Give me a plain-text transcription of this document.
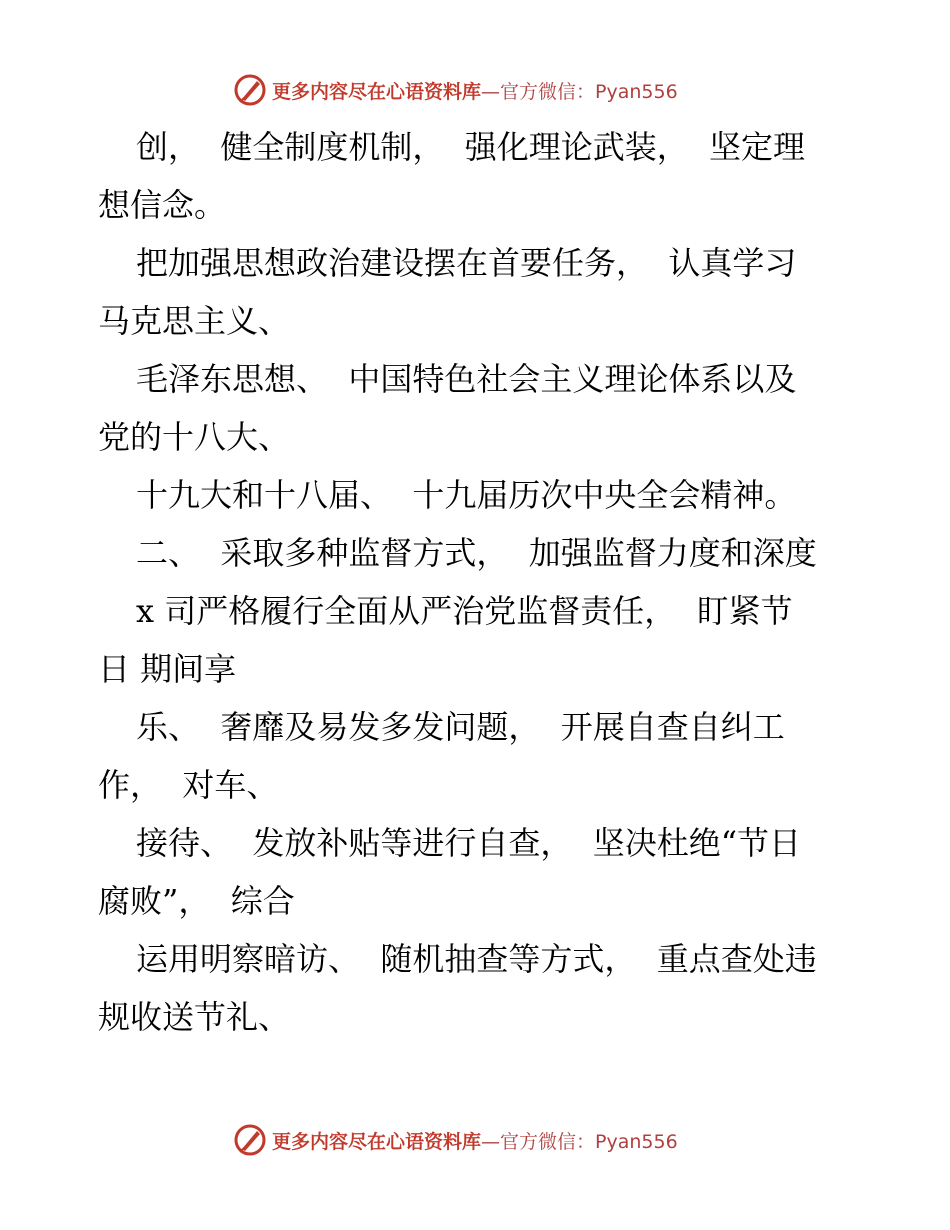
更多内容尽在心语资料库 —官方微信：Pyan556
创，  健全制度机制，  强化理论武装，  坚定理
想信念。
把加强思想政治建设摆在首要任务，  认真学习
马克思主义、
毛泽东思想、  中国特色社会主义理论体系以及
党的十八大、
十九大和十八届、  十九届历次中央全会精神。
二、  采取多种监督方式，  加强监督力度和深度
x 司严格履行全面从严治党监督责任，  盯紧节
日 期间享
乐、  奢靡及易发多发问题，  开展自查自纠工
作，  对车、
接待、  发放补贴等进行自查，  坚决杜绝“节日
腐败”，  综合
运用明察暗访、  随机抽查等方式，  重点查处违
规收送节礼、
更多内容尽在心语资料库 —官方微信：Pyan556
